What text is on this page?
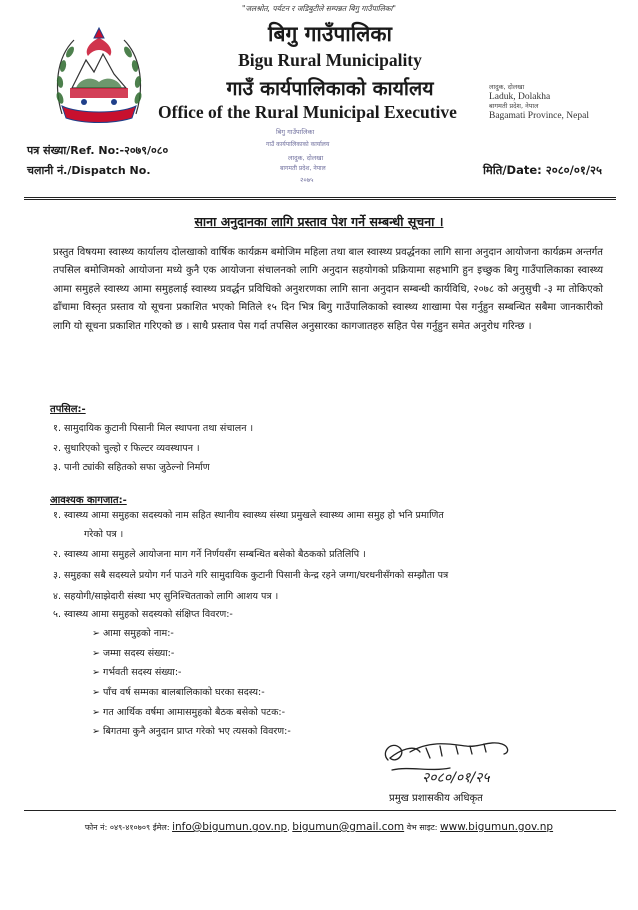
"जलश्रोत, पर्यटन र जडिबुटीले सम्पन्नत बिगु गाउँपालिका"
बिगु गाउँपालिका
Bigu Rural Municipality
गाउँ कार्यपालिकाको कार्यालय
Office of the Rural Municipal Executive
लादुक, दोलखा
Laduk, Dolakha
बागमती प्रदेश, नेपाल
Bagamati Province, Nepal
बिगु गाउँपालिका
गाउँ कार्यपालिकाको कार्यालय
लादुक, दोलखा
बागमती प्रदेश, नेपाल
२०७५
पत्र संख्या/Ref. No:-२०७९/०८०
चलानी नं./Dispatch No.	मिति/Date: २०८०/०१/२५
साना अनुदानका लागि प्रस्ताव पेश गर्ने सम्बन्धी सूचना ।
प्रस्तुत विषयमा स्वास्थ्य कार्यालय दोलखाको वार्षिक कार्यक्रम बमोजिम महिला तथा बाल स्वास्थ्य प्रवर्द्धनका लागि साना अनुदान आयोजना कार्यक्रम अन्तर्गत तपसिल बमोजिमको आयोजना मध्ये कुनै एक आयोजना संचालनको लागि अनुदान सहयोगको प्रक्रियामा सहभागि हुन इच्छुक बिगु गाउँपालिकाका स्वास्थ्य आमा समुहले स्वास्थ्य आमा समुहलाई स्वास्थ्य प्रवर्द्धन प्रविधिको अनुशरणका लागि साना अनुदान सम्बन्धी कार्यविधि, २०७८ को अनुसुची -३ मा तोकिएको ढाँचामा विस्तृत प्रस्ताव यो सूचना प्रकाशित भएको मितिले १५ दिन भित्र बिगु गाउँपालिकाको स्वास्थ्य शाखामा पेस गर्नुहुन सम्बन्धित सबैमा जानकारीको लागि यो सूचना प्रकाशित गरिएको छ । साथै प्रस्ताव पेस गर्दा तपसिल अनुसारका कागजातहरु सहित पेस गर्नुहुन समेत अनुरोध गरिन्छ ।
तपसिल:-
१. सामुदायिक कुटानी पिसानी मिल स्थापना तथा संचालन ।
२. सुधारिएको चुल्हो र फिल्टर व्यवस्थापन ।
३. पानी ट्यांकी सहितको सफा जुठेल्नो निर्माण
आवश्यक कागजात:-
१. स्वास्थ्य आमा समुहका सदस्यको नाम सहित स्थानीय स्वास्थ्य संस्था प्रमुखले स्वास्थ्य आमा समुह हो भनि प्रमाणित
गरेको पत्र ।
२. स्वास्थ्य आमा समुहले आयोजना माग गर्ने निर्णयसँग सम्बन्धित बसेको बैठकको प्रतिलिपि ।
३. समुहका सबै सदस्यले प्रयोग गर्न पाउने गरि सामुदायिक कुटानी पिसानी केन्द्र रहने जग्गा/घरधनीसँगको सम्झौता पत्र
४. सहयोगी/साझेदारी संस्था भए सुनिश्चितताको लागि आशय पत्र ।
५. स्वास्थ्य आमा समुहको सदस्यको संक्षिप्त विवरण:-
➢ आमा समुहको नाम:-
➢ जम्मा सदस्य संख्या:-
➢ गर्भवती सदस्य संख्या:-
➢ पाँच वर्ष सम्मका बालबालिकाको घरका सदस्य:-
➢ गत आर्थिक वर्षमा आमासमुहको बैठक बसेको पटक:-
➢ बिगतमा कुनै अनुदान प्राप्त गरेको भए त्यसको विवरण:-
२०८०/०१/२५
प्रमुख प्रशासकीय अधिकृत
फोन नं: ०४९-४१०७०९ ईमेल: info@bigumun.gov.np, bigumun@gmail.com वेभ साइट: www.bigumun.gov.np
